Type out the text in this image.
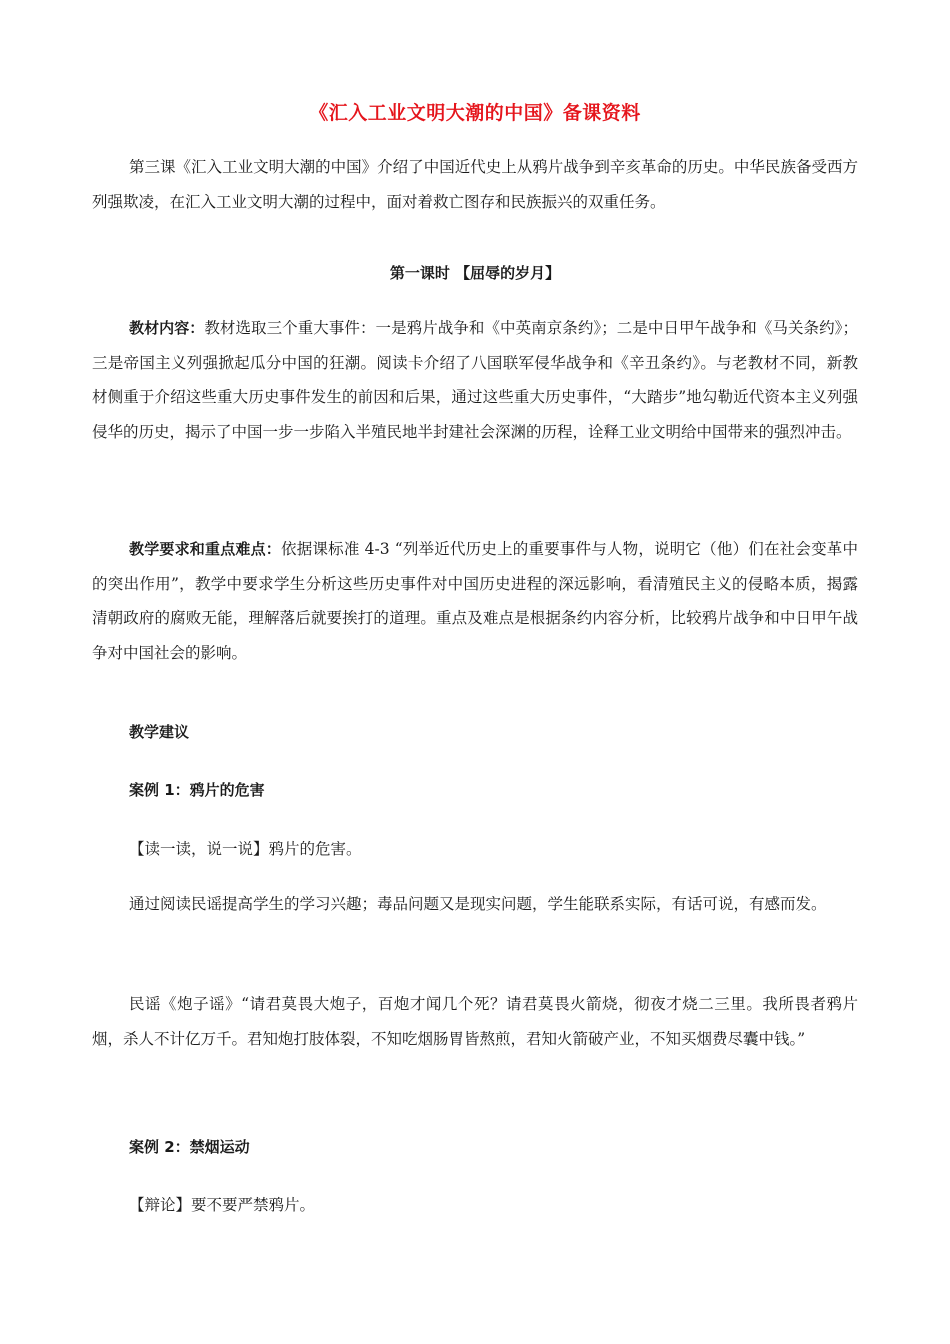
《汇入工业文明大潮的中国》备课资料

第三课《汇入工业文明大潮的中国》介绍了中国近代史上从鸦片战争到辛亥革命的历史。中华民族备受西方列强欺凌，在汇入工业文明大潮的过程中，面对着救亡图存和民族振兴的双重任务。

第一课时 【屈辱的岁月】

教材内容：教材选取三个重大事件：一是鸦片战争和《中英南京条约》；二是中日甲午战争和《马关条约》；三是帝国主义列强掀起瓜分中国的狂潮。阅读卡介绍了八国联军侵华战争和《辛丑条约》。与老教材不同，新教材侧重于介绍这些重大历史事件发生的前因和后果，通过这些重大历史事件，“大踏步”地勾勒近代资本主义列强侵华的历史，揭示了中国一步一步陷入半殖民地半封建社会深渊的历程，诠释工业文明给中国带来的强烈冲击。

教学要求和重点难点：依据课标准 4-3 “列举近代历史上的重要事件与人物，说明它（他）们在社会变革中的突出作用”，教学中要求学生分析这些历史事件对中国历史进程的深远影响，看清殖民主义的侵略本质，揭露清朝政府的腐败无能，理解落后就要挨打的道理。重点及难点是根据条约内容分析，比较鸦片战争和中日甲午战争对中国社会的影响。

教学建议
案例 1：鸦片的危害
【读一读，说一说】鸦片的危害。

通过阅读民谣提高学生的学习兴趣；毒品问题又是现实问题，学生能联系实际，有话可说，有感而发。

民谣《炮子谣》“请君莫畏大炮子，百炮才闻几个死？请君莫畏火箭烧，彻夜才烧二三里。我所畏者鸦片烟，杀人不计亿万千。君知炮打肢体裂，不知吃烟肠胃皆熬煎，君知火箭破产业，不知买烟费尽囊中钱。”

案例 2：禁烟运动
【辩论】要不要严禁鸦片。
